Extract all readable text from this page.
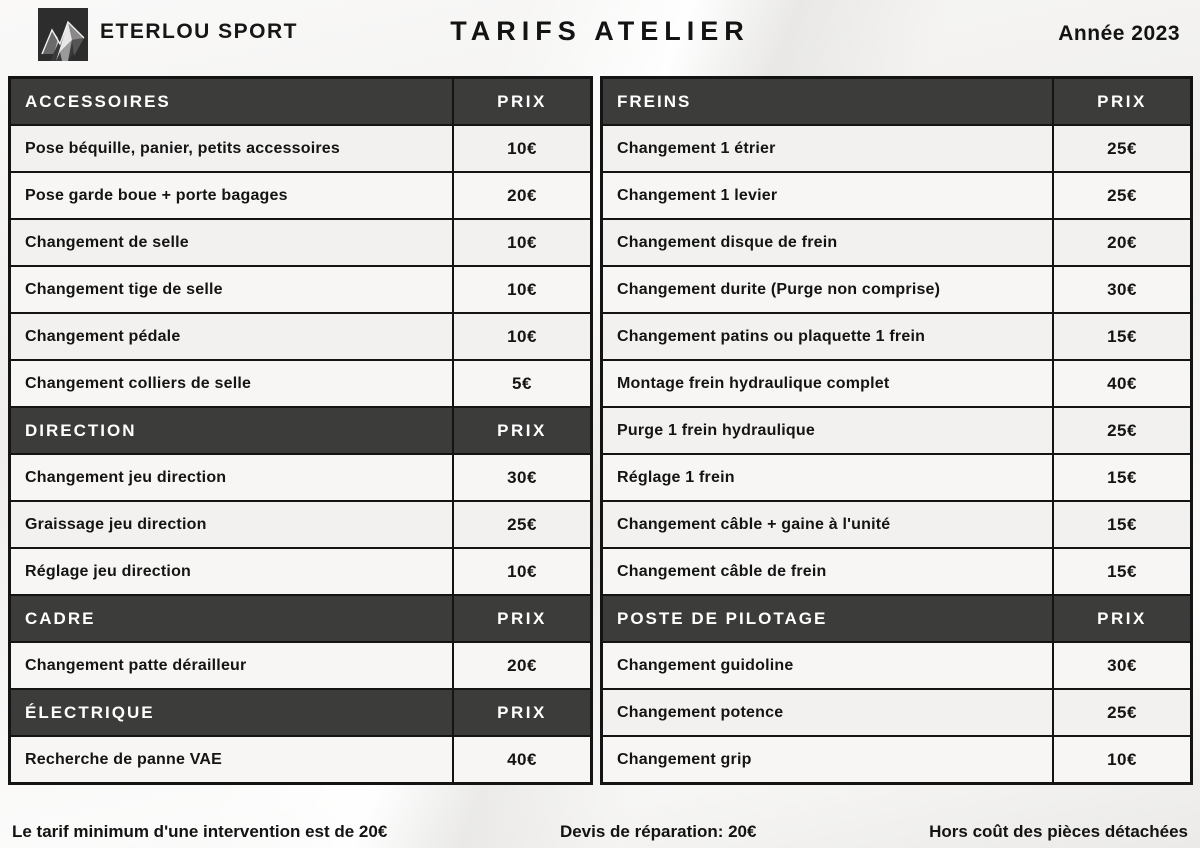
ETERLOU SPORT	TARIFS ATELIER	Année 2023
ACCESSOIRES	PRIX
Pose béquille, panier, petits accessoires	10€
Pose garde boue + porte bagages	20€
Changement de selle	10€
Changement tige de selle	10€
Changement pédale	10€
Changement colliers de selle	5€
DIRECTION	PRIX
Changement jeu direction	30€
Graissage jeu direction	25€
Réglage jeu direction	10€
CADRE	PRIX
Changement patte dérailleur	20€
ÉLECTRIQUE	PRIX
Recherche de panne VAE	40€
FREINS	PRIX
Changement 1 étrier	25€
Changement 1 levier	25€
Changement disque de frein	20€
Changement durite (Purge non comprise)	30€
Changement patins ou plaquette 1 frein	15€
Montage frein hydraulique complet	40€
Purge 1 frein hydraulique	25€
Réglage 1 frein	15€
Changement câble + gaine à l'unité	15€
Changement câble de frein	15€
POSTE DE PILOTAGE	PRIX
Changement guidoline	30€
Changement potence	25€
Changement grip	10€
Le tarif minimum d'une intervention est de 20€	Devis de réparation: 20€	Hors coût des pièces détachées
